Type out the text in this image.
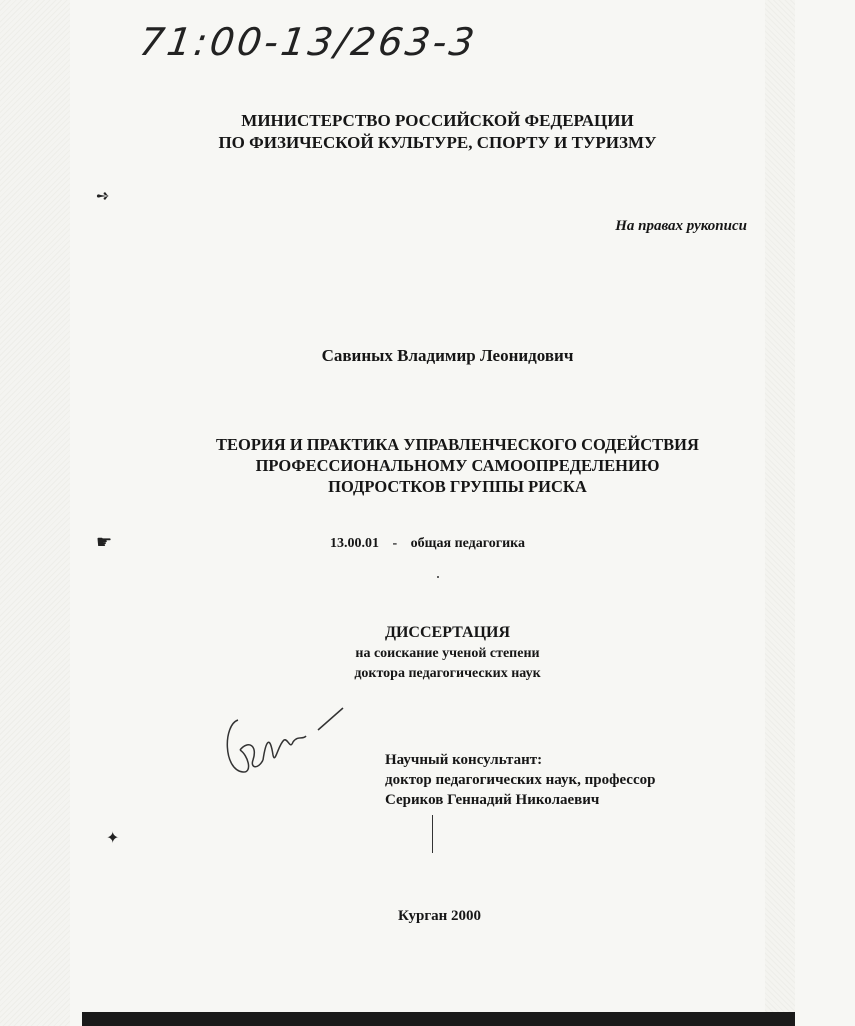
71:00-13/263-3
МИНИСТЕРСТВО РОССИЙСКОЙ ФЕДЕРАЦИИ
ПО ФИЗИЧЕСКОЙ КУЛЬТУРЕ, СПОРТУ И ТУРИЗМУ
➺
На правах рукописи
Савиных Владимир Леонидович
ТЕОРИЯ И ПРАКТИКА УПРАВЛЕНЧЕСКОГО СОДЕЙСТВИЯ
ПРОФЕССИОНАЛЬНОМУ САМООПРЕДЕЛЕНИЮ
ПОДРОСТКОВ ГРУППЫ РИСКА
☛	13.00.01 - общая педагогика
ДИССЕРТАЦИЯ
на соискание ученой степени
доктора педагогических наук
Савин
Научный консультант:
доктор педагогических наук, профессор
Сериков Геннадий Николаевич
✦
Курган 2000
